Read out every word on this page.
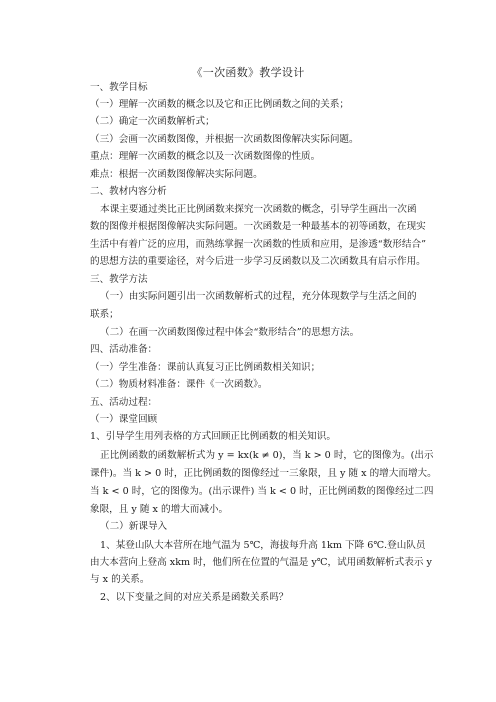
《一次函数》教学设计
一、教学目标
（一）理解一次函数的概念以及它和正比例函数之间的关系；
（二）确定一次函数解析式；
（三）会画一次函数图像，并根据一次函数图像解决实际问题。
重点：理解一次函数的概念以及一次函数图像的性质。
难点：根据一次函数图像解决实际问题。
二、教材内容分析
本课主要通过类比正比例函数来探究一次函数的概念，引导学生画出一次函
数的图像并根据图像解决实际问题。一次函数是一种最基本的初等函数，在现实
生活中有着广泛的应用，而熟练掌握一次函数的性质和应用，是渗透“数形结合”
的思想方法的重要途径，对今后进一步学习反函数以及二次函数具有启示作用。
三、教学方法
（一）由实际问题引出一次函数解析式的过程，充分体现数学与生活之间的
联系；
（二）在画一次函数图像过程中体会“数形结合”的思想方法。
四、活动准备：
（一）学生准备：课前认真复习正比例函数相关知识；
（二）物质材料准备：课件《一次函数》。
五、活动过程：
（一）课堂回顾
1、引导学生用列表格的方式回顾正比例函数的相关知识。
正比例函数的函数解析式为 y = kx(k ≠ 0)，当 k > 0 时，它的图像为。(出示
课件)。当 k > 0 时，正比例函数的图像经过一三象限，且 y 随 x 的增大而增大。
当 k < 0 时，它的图像为。(出示课件) 当 k < 0 时，正比例函数的图像经过二四
象限，且 y 随 x 的增大而减小。
（二）新课导入
1、某登山队大本营所在地气温为 5℃，海拔每升高 1km 下降 6℃.登山队员
由大本营向上登高 xkm 时，他们所在位置的气温是 y℃，试用函数解析式表示 y
与 x 的关系。
2、以下变量之间的对应关系是函数关系吗？
